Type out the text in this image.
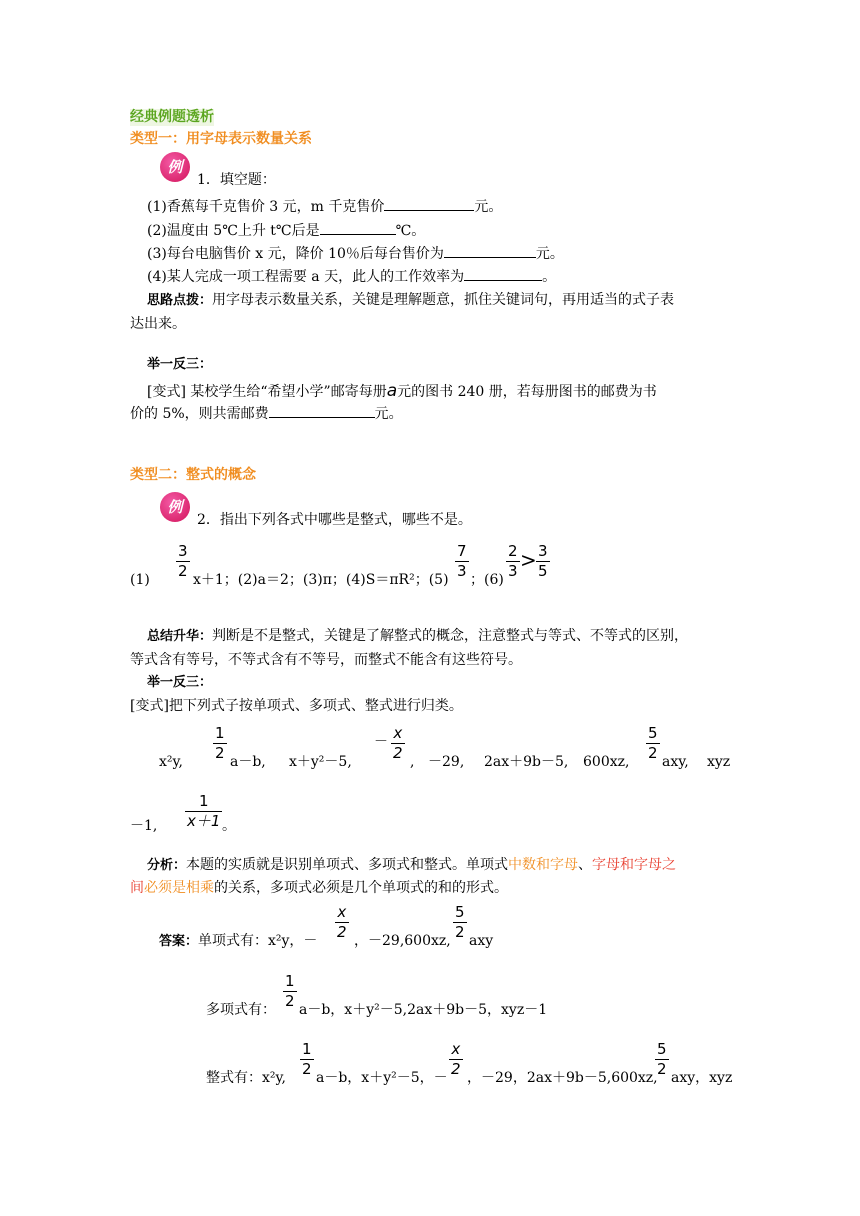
经典例题透析
类型一：用字母表示数量关系
例
1．填空题：
(1)香蕉每千克售价 3 元，m 千克售价	元。
(2)温度由 5℃上升 t℃后是	℃。
(3)每台电脑售价 x 元，降价 10％后每台售价为	元。
(4)某人完成一项工程需要 a 天，此人的工作效率为	。
思路点拨：用字母表示数量关系，关键是理解题意，抓住关键词句，再用适当的式子表
达出来。
举一反三：
[变式] 某校学生给“希望小学”邮寄每册a元的图书 240 册，若每册图书的邮费为书
价的 5%，则共需邮费	元。
类型二：整式的概念
例
2．指出下列各式中哪些是整式，哪些不是。
(1)
3
2 x＋1；(2)a＝2；(3)π；(4)S＝πR²；(5)
7
3 ；(6)
2
3 > 3
5
总结升华：判断是不是整式，关键是了解整式的概念，注意整式与等式、不等式的区别，
等式含有等号，不等式含有不等号，而整式不能含有这些符号。
举一反三：
[变式]把下列式子按单项式、多项式、整式进行归类。
x²y,
1
2 a－b, x＋y²－5,
－ x
2 , －29, 2ax＋9b－5, 600xz,
5
2 axy, xyz
－1,
1
x＋1 。
分析：本题的实质就是识别单项式、多项式和整式。单项式中数和字母、字母和字母之
间必须是相乘的关系，多项式必须是几个单项式的和的形式。
答案：单项式有：x²y，－
x
2 ，－29,600xz,
5
2 axy
多项式有：
1
2 a－b，x＋y²－5,2ax＋9b－5，xyz－1
整式有：x²y,
1
2 a－b，x＋y²－5，－
x
2 ，－29，2ax＋9b－5,600xz,
5
2 axy，xyz
